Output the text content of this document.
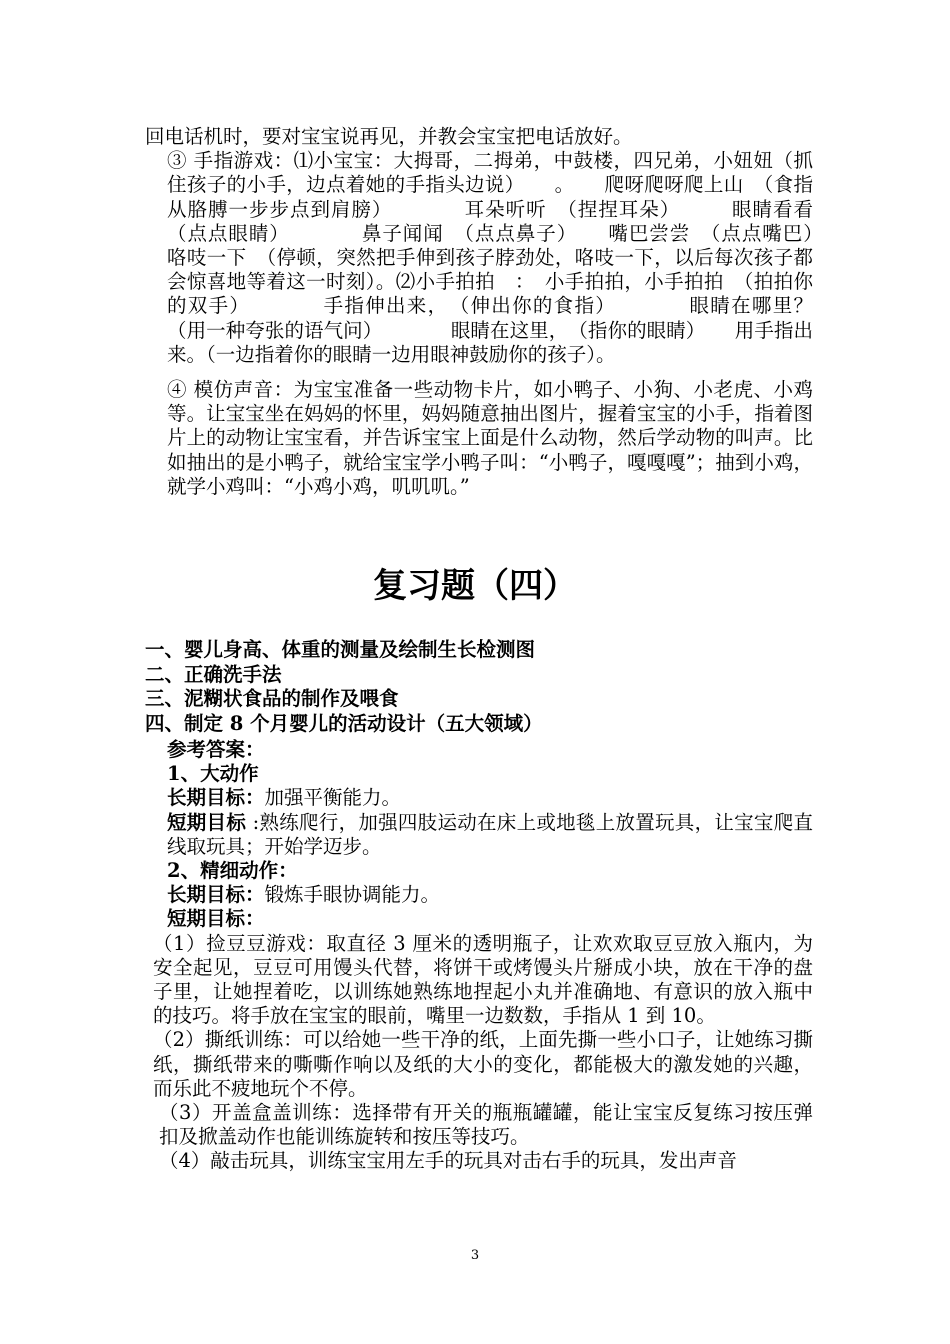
回电话机时，要对宝宝说再见，并教会宝宝把电话放好。

③ 手指游戏：⑴小宝宝：大拇哥，二拇弟，中鼓楼，四兄弟，小妞妞（抓住孩子的小手，边点着她的手指头边说）　　。　　爬呀爬呀爬上山　（食指从胳膊一步步点到肩膀）　　　　耳朵听听　（捏捏耳朵）　　　眼睛看看　（点点眼睛）　　　　鼻子闻闻　（点点鼻子）　　嘴巴尝尝　（点点嘴巴）　　　咯吱一下　（停顿，突然把手伸到孩子脖劲处，咯吱一下，以后每次孩子都会惊喜地等着这一时刻）。⑵小手拍拍　：　小手拍拍，小手拍拍　（拍拍你的双手）　　　　手指伸出来，　（伸出你的食指）　　　　眼睛在哪里？　（用一种夸张的语气问）　　　　眼睛在这里，　（指你的眼睛）　　用手指出来。（一边指着你的眼睛一边用眼神鼓励你的孩子）。

④ 模仿声音：为宝宝准备一些动物卡片，如小鸭子、小狗、小老虎、小鸡等。让宝宝坐在妈妈的怀里，妈妈随意抽出图片，握着宝宝的小手，指着图片上的动物让宝宝看，并告诉宝宝上面是什么动物，然后学动物的叫声。比如抽出的是小鸭子，就给宝宝学小鸭子叫：“小鸭子，嘎嘎嘎”；抽到小鸡，就学小鸡叫：“小鸡小鸡，叽叽叽。”

复习题（四）
一、婴儿身高、体重的测量及绘制生长检测图
二、正确洗手法
三、泥糊状食品的制作及喂食
四、制定 8 个月婴儿的活动设计（五大领域）

参考答案：

1、大动作

长期目标：加强平衡能力。

短期目标 :熟练爬行，加强四肢运动在床上或地毯上放置玩具，让宝宝爬直线取玩具；开始学迈步。

2、精细动作：

长期目标：锻炼手眼协调能力。

短期目标：

（1）捡豆豆游戏：取直径 3 厘米的透明瓶子，让欢欢取豆豆放入瓶内，为安全起见，豆豆可用馒头代替，将饼干或烤馒头片掰成小块，放在干净的盘子里，让她捏着吃，以训练她熟练地捏起小丸并准确地、有意识的放入瓶中的技巧。将手放在宝宝的眼前，嘴里一边数数，手指从 1 到 10。

（2）撕纸训练：可以给她一些干净的纸，上面先撕一些小口子，让她练习撕纸，撕纸带来的嘶嘶作响以及纸的大小的变化，都能极大的激发她的兴趣，而乐此不疲地玩个不停。

（3）开盖盒盖训练：选择带有开关的瓶瓶罐罐，能让宝宝反复练习按压弹扣及掀盖动作也能训练旋转和按压等技巧。

（4）敲击玩具，训练宝宝用左手的玩具对击右手的玩具，发出声音

3
